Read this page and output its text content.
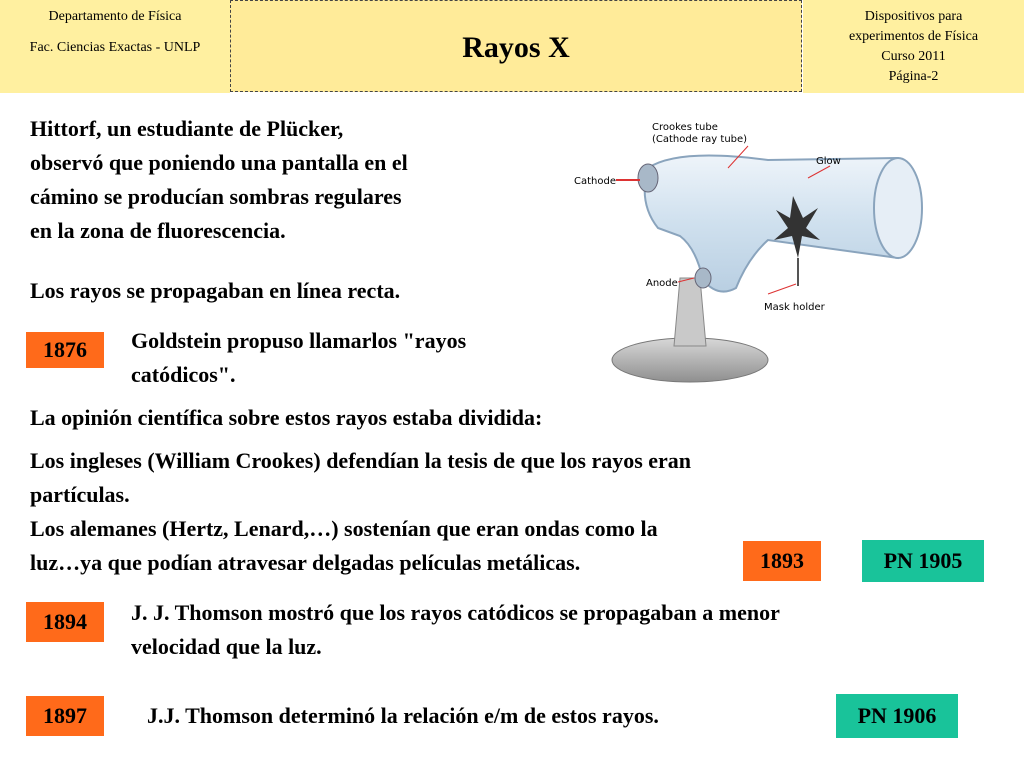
Departamento de Física
Fac. Ciencias Exactas - UNLP	Rayos X
Dispositivos para
experimentos de Física
Curso 2011
Página-2
Crookes tube
(Cathode ray tube)
Glow
Cathode
Anode
Mask holder
Hittorf, un estudiante de Plücker,
observó que poniendo una pantalla en el
cámino se producían sombras regulares
en la zona de fluorescencia.
Los rayos se propagaban en línea recta.
1876	Goldstein propuso llamarlos "rayos
catódicos".
La opinión científica sobre estos rayos estaba dividida:
Los ingleses (William Crookes) defendían la tesis de que los rayos eran
partículas.
Los alemanes (Hertz, Lenard,…) sostenían que eran ondas como la
luz…ya que podían atravesar delgadas películas metálicas.	1893	PN 1905
1894	J. J. Thomson mostró que los rayos catódicos se propagaban a menor
velocidad que la luz.
1897	J.J. Thomson determinó la relación e/m de estos rayos.	PN 1906
